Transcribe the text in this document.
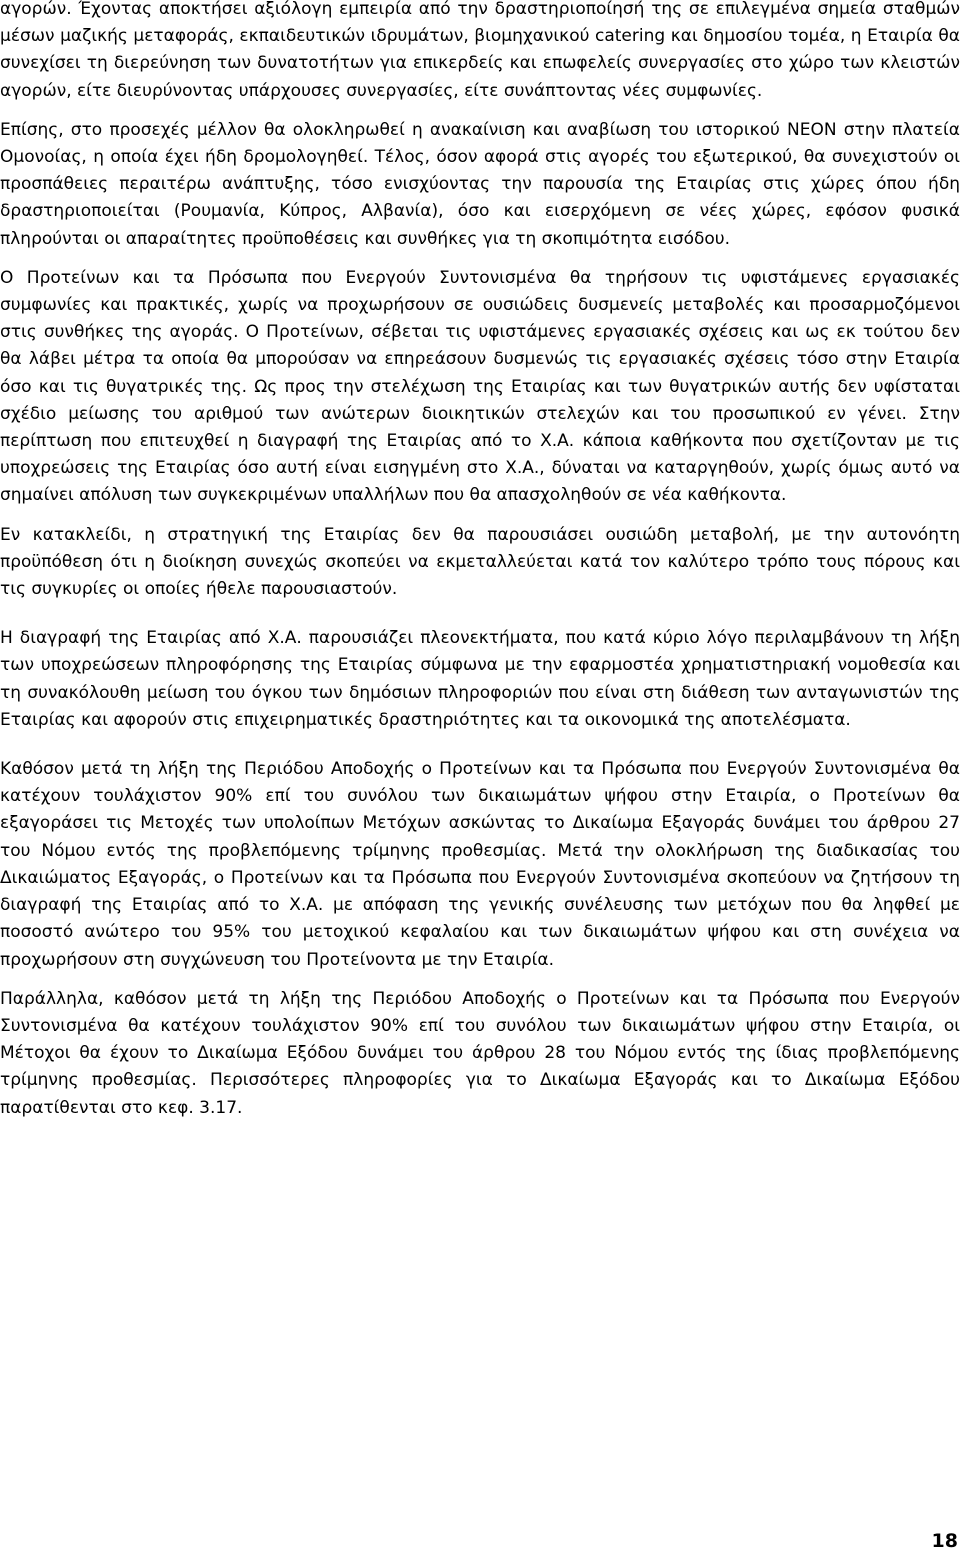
αγορών. Έχοντας αποκτήσει αξιόλογη εμπειρία από την δραστηριοποίησή της σε επιλεγμένα σημεία σταθμών μέσων μαζικής μεταφοράς, εκπαιδευτικών ιδρυμάτων, βιομηχανικού catering και δημοσίου τομέα, η Εταιρία θα συνεχίσει τη διερεύνηση των δυνατοτήτων για επικερδείς και επωφελείς συνεργασίες στο χώρο των κλειστών αγορών, είτε διευρύνοντας υπάρχουσες συνεργασίες, είτε συνάπτοντας νέες συμφωνίες.

Επίσης, στο προσεχές μέλλον θα ολοκληρωθεί η ανακαίνιση και αναβίωση του ιστορικού ΝΕΟΝ στην πλατεία Ομονοίας, η οποία έχει ήδη δρομολογηθεί. Τέλος, όσον αφορά στις αγορές του εξωτερικού, θα συνεχιστούν οι προσπάθειες περαιτέρω ανάπτυξης, τόσο ενισχύοντας την παρουσία της Εταιρίας στις χώρες όπου ήδη δραστηριοποιείται (Ρουμανία, Κύπρος, Αλβανία), όσο και εισερχόμενη σε νέες χώρες, εφόσον φυσικά πληρούνται οι απαραίτητες προϋποθέσεις και συνθήκες για τη σκοπιμότητα εισόδου.

Ο Προτείνων και τα Πρόσωπα που Ενεργούν Συντονισμένα θα τηρήσουν τις υφιστάμενες εργασιακές συμφωνίες και πρακτικές, χωρίς να προχωρήσουν σε ουσιώδεις δυσμενείς μεταβολές και προσαρμοζόμενοι στις συνθήκες της αγοράς. Ο Προτείνων, σέβεται τις υφιστάμενες εργασιακές σχέσεις και ως εκ τούτου δεν θα λάβει μέτρα τα οποία θα μπορούσαν να επηρεάσουν δυσμενώς τις εργασιακές σχέσεις τόσο στην Εταιρία όσο και τις θυγατρικές της. Ως προς την στελέχωση της Εταιρίας και των θυγατρικών αυτής δεν υφίσταται σχέδιο μείωσης του αριθμού των ανώτερων διοικητικών στελεχών και του προσωπικού εν γένει. Στην περίπτωση που επιτευχθεί η διαγραφή της Εταιρίας από το Χ.Α. κάποια καθήκοντα που σχετίζονταν με τις υποχρεώσεις της Εταιρίας όσο αυτή είναι εισηγμένη στο Χ.Α., δύναται να καταργηθούν, χωρίς όμως αυτό να σημαίνει απόλυση των συγκεκριμένων υπαλλήλων που θα απασχοληθούν σε νέα καθήκοντα.

Εν κατακλείδι, η στρατηγική της Εταιρίας δεν θα παρουσιάσει ουσιώδη μεταβολή, με την αυτονόητη προϋπόθεση ότι η διοίκηση συνεχώς σκοπεύει να εκμεταλλεύεται κατά τον καλύτερο τρόπο τους πόρους και τις συγκυρίες οι οποίες ήθελε παρουσιαστούν.

Η διαγραφή της Εταιρίας από Χ.Α. παρουσιάζει πλεονεκτήματα, που κατά κύριο λόγο περιλαμβάνουν τη λήξη των υποχρεώσεων πληροφόρησης της Εταιρίας σύμφωνα με την εφαρμοστέα χρηματιστηριακή νομοθεσία και τη συνακόλουθη μείωση του όγκου των δημόσιων πληροφοριών που είναι στη διάθεση των ανταγωνιστών της Εταιρίας και αφορούν στις επιχειρηματικές δραστηριότητες και τα οικονομικά της αποτελέσματα.

Καθόσον μετά τη λήξη της Περιόδου Αποδοχής ο Προτείνων και τα Πρόσωπα που Ενεργούν Συντονισμένα θα κατέχουν τουλάχιστον 90% επί του συνόλου των δικαιωμάτων ψήφου στην Εταιρία, ο Προτείνων θα εξαγοράσει τις Μετοχές των υπολοίπων Μετόχων ασκώντας το Δικαίωμα Εξαγοράς δυνάμει του άρθρου 27 του Νόμου εντός της προβλεπόμενης τρίμηνης προθεσμίας. Μετά την ολοκλήρωση της διαδικασίας του Δικαιώματος Εξαγοράς, ο Προτείνων και τα Πρόσωπα που Ενεργούν Συντονισμένα σκοπεύουν να ζητήσουν τη διαγραφή της Εταιρίας από το Χ.Α. με απόφαση της γενικής συνέλευσης των μετόχων που θα ληφθεί με ποσοστό ανώτερο του 95% του μετοχικού κεφαλαίου και των δικαιωμάτων ψήφου και στη συνέχεια να προχωρήσουν στη συγχώνευση του Προτείνοντα με την Εταιρία.

Παράλληλα, καθόσον μετά τη λήξη της Περιόδου Αποδοχής ο Προτείνων και τα Πρόσωπα που Ενεργούν Συντονισμένα θα κατέχουν τουλάχιστον 90% επί του συνόλου των δικαιωμάτων ψήφου στην Εταιρία, οι Μέτοχοι θα έχουν το Δικαίωμα Εξόδου δυνάμει του άρθρου 28 του Νόμου εντός της ίδιας προβλεπόμενης τρίμηνης προθεσμίας. Περισσότερες πληροφορίες για το Δικαίωμα Εξαγοράς και το Δικαίωμα Εξόδου παρατίθενται στο κεφ. 3.17.

18
